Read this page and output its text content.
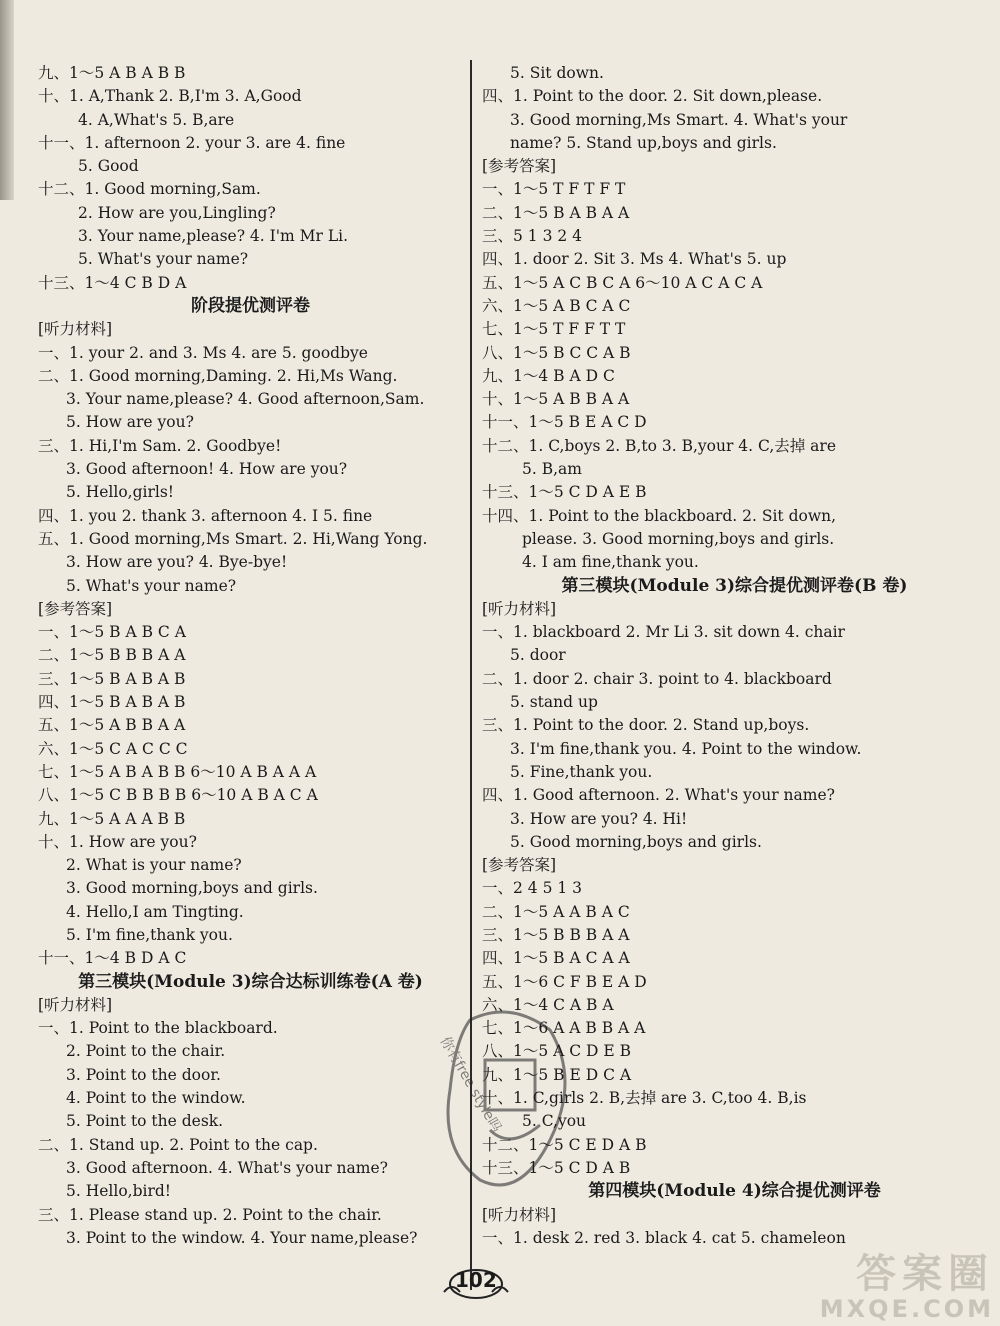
九、1～5 A B A B B
十、1. A,Thank 2. B,I'm 3. A,Good
4. A,What's 5. B,are
十一、1. afternoon 2. your 3. are 4. fine
5. Good
十二、1. Good morning,Sam.
2. How are you,Lingling?
3. Your name,please? 4. I'm Mr Li.
5. What's your name?
十三、1～4 C B D A
阶段提优测评卷
[听力材料]
一、1. your 2. and 3. Ms 4. are 5. goodbye
二、1. Good morning,Daming. 2. Hi,Ms Wang.
3. Your name,please? 4. Good afternoon,Sam.
5. How are you?
三、1. Hi,I'm Sam. 2. Goodbye!
3. Good afternoon! 4. How are you?
5. Hello,girls!
四、1. you 2. thank 3. afternoon 4. I 5. fine
五、1. Good morning,Ms Smart. 2. Hi,Wang Yong.
3. How are you? 4. Bye-bye!
5. What's your name?
[参考答案]
一、1～5 B A B C A
二、1～5 B B B A A
三、1～5 B A B A B
四、1～5 B A B A B
五、1～5 A B B A A
六、1～5 C A C C C
七、1～5 A B A B B 6～10 A B A A A
八、1～5 C B B B B 6～10 A B A C A
九、1～5 A A A B B
十、1. How are you?
2. What is your name?
3. Good morning,boys and girls.
4. Hello,I am Tingting.
5. I'm fine,thank you.
十一、1～4 B D A C
第三模块(Module 3)综合达标训练卷(A 卷)
[听力材料]
一、1. Point to the blackboard.
2. Point to the chair.
3. Point to the door.
4. Point to the window.
5. Point to the desk.
二、1. Stand up. 2. Point to the cap.
3. Good afternoon. 4. What's your name?
5. Hello,bird!
三、1. Please stand up. 2. Point to the chair.
3. Point to the window. 4. Your name,please?
5. Sit down.
四、1. Point to the door. 2. Sit down,please.
3. Good morning,Ms Smart. 4. What's your
name? 5. Stand up,boys and girls.
[参考答案]
一、1～5 T F T F T
二、1～5 B A B A A
三、5 1 3 2 4
四、1. door 2. Sit 3. Ms 4. What's 5. up
五、1～5 A C B C A 6～10 A C A C A
六、1～5 A B C A C
七、1～5 T F F T T
八、1～5 B C C A B
九、1～4 B A D C
十、1～5 A B B A A
十一、1～5 B E A C D
十二、1. C,boys 2. B,to 3. B,your 4. C,去掉 are
5. B,am
十三、1～5 C D A E B
十四、1. Point to the blackboard. 2. Sit down,
please. 3. Good morning,boys and girls.
4. I am fine,thank you.
第三模块(Module 3)综合提优测评卷(B 卷)
[听力材料]
一、1. blackboard 2. Mr Li 3. sit down 4. chair
5. door
二、1. door 2. chair 3. point to 4. blackboard
5. stand up
三、1. Point to the door. 2. Stand up,boys.
3. I'm fine,thank you. 4. Point to the window.
5. Fine,thank you.
四、1. Good afternoon. 2. What's your name?
3. How are you? 4. Hi!
5. Good morning,boys and girls.
[参考答案]
一、2 4 5 1 3
二、1～5 A A B A C
三、1～5 B B B A A
四、1～5 B A C A A
五、1～6 C F B E A D
六、1～4 C A B A
七、1～6 A A B B A A
八、1～5 A C D E B
九、1～5 B E D C A
十、1. C,girls 2. B,去掉 are 3. C,too 4. B,is
5. C,you
十二、1～5 C E D A B
十三、1～5 C D A B
第四模块(Module 4)综合提优测评卷
[听力材料]
一、1. desk 2. red 3. black 4. cat 5. chameleon
你有free style吗
102	答案圈
MXQE.COM
